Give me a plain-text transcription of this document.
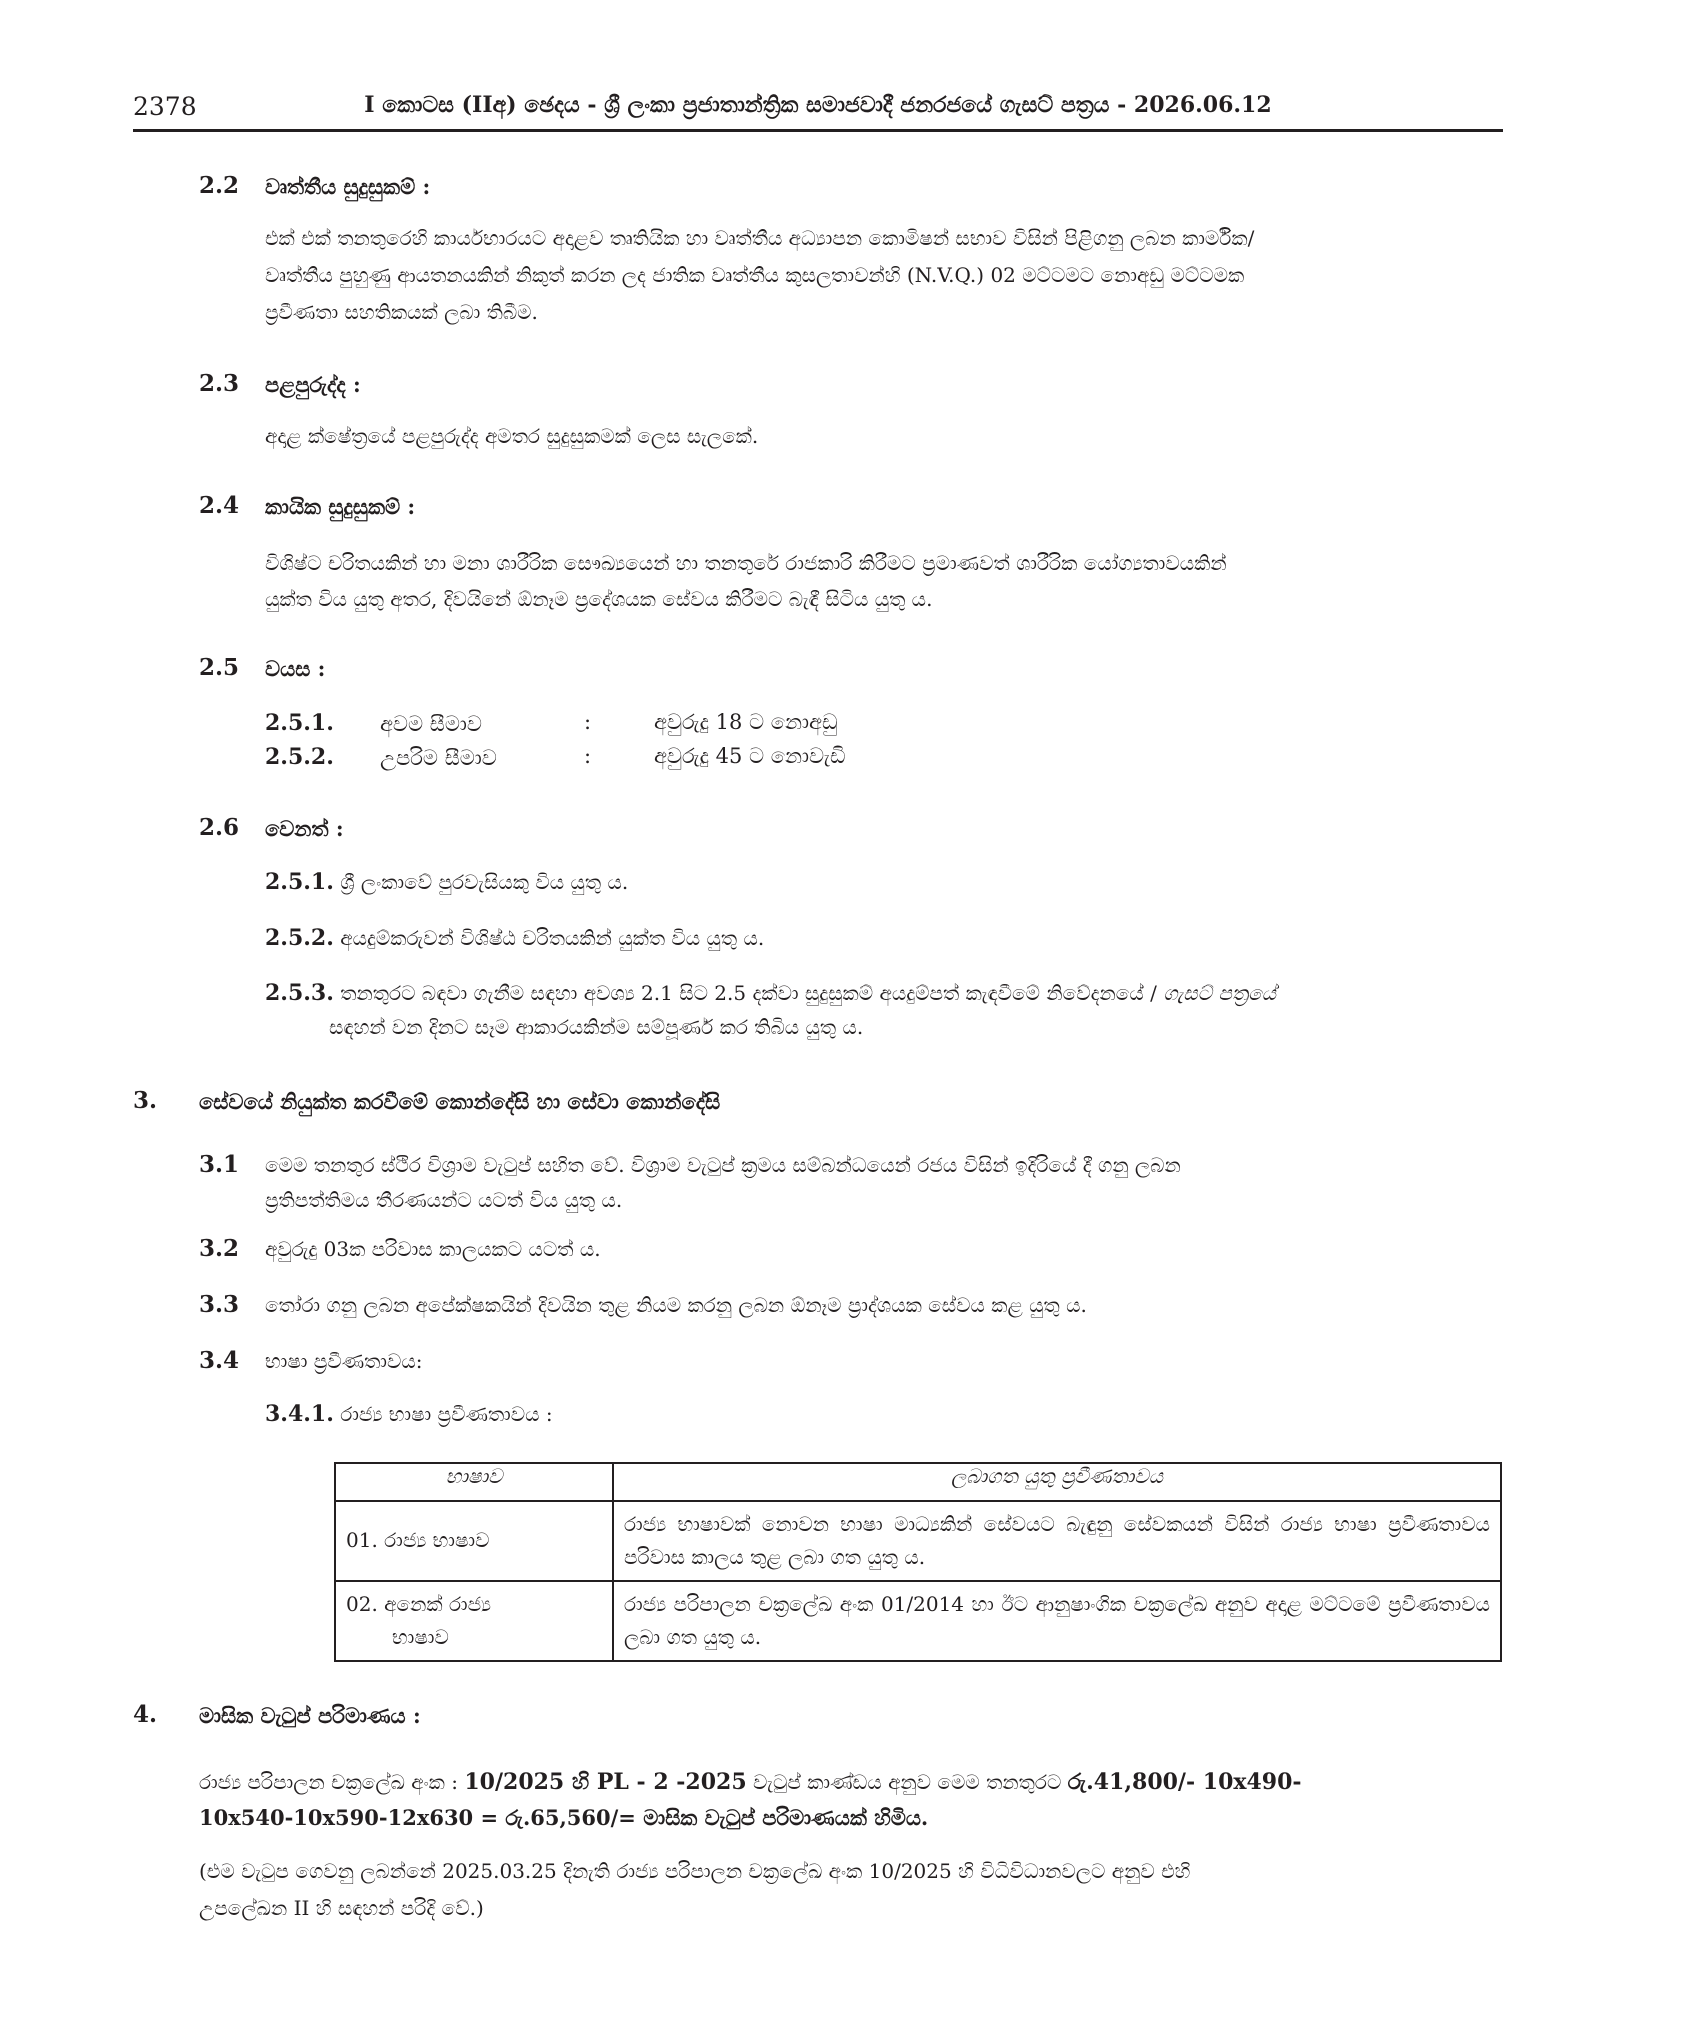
2378	I කොටස (IIඅ) ඡෙදය - ශ්‍රී ලංකා ප්‍රජාතාන්ත්‍රික සමාජවාදී ජනරජයේ ගැසට් පත්‍රය - 2026.06.12
2.2 වෘත්තීය සුදුසුකම් :
එක් එක් තනතුරෙහි කාර්යභාරයට අදාළව තෘතියික හා වෘත්තීය අධ්‍යාපන කොමිෂන් සභාව විසින් පිළිගනු ලබන කාර්මික/
වෘත්තීය පුහුණු ආයතනයකින් නිකුත් කරන ලද ජාතික වෘත්තීය කුසලතාවන්හි (N.V.Q.) 02 මට්ටමට නොඅඩු මට්ටමක
ප්‍රවීණතා සහතිකයක් ලබා තිබීම.
2.3 පළපුරුද්ද :
අදාළ ක්ෂේත්‍රයේ පළපුරුද්ද අමතර සුදුසුකමක් ලෙස සැලකේ.
2.4 කායික සුදුසුකම් :
විශිෂ්ට චරිතයකින් හා මනා ශාරීරික සෞඛ්‍යයෙන් හා තනතුරේ රාජකාරි කිරීමට ප්‍රමාණවත් ශාරීරික යෝග්‍යතාවයකින්
යුක්ත විය යුතු අතර, දිවයිනේ ඕනෑම ප්‍රදේශයක සේවය කිරීමට බැඳී සිටිය යුතු ය.
2.5 වයස :
2.5.1. අවම සීමාව	:	අවුරුදු 18 ට නොඅඩු
2.5.2. උපරිම සීමාව	:	අවුරුදු 45 ට නොවැඩි
2.6 වෙනත් :
2.5.1. ශ්‍රී ලංකාවේ පුරවැසියකු විය යුතු ය.
2.5.2. අයදුම්කරුවන් විශිෂ්ඨ චරිතයකින් යුක්ත විය යුතු ය.
2.5.3. තනතුරට බඳවා ගැනීම සඳහා අවශ්‍ය 2.1 සිට 2.5 දක්වා සුදුසුකම් අයදුම්පත් කැඳවීමේ නිවේදනයේ / ගැසට් පත්‍රයේ
සඳහන් වන දිනට සෑම ආකාරයකින්ම සම්පූර්ණ කර තිබිය යුතු ය.
3. සේවයේ නියුක්ත කරවීමේ කොන්දේසි හා සේවා කොන්දේසි
3.1 මෙම තනතුර ස්ථිර විශ්‍රාම වැටුප් සහිත වේ. විශ්‍රාම වැටුප් ක්‍රමය සම්බන්ධයෙන් රජය විසින් ඉදිරියේ දී ගනු ලබන
ප්‍රතිපත්තිමය තීරණයන්ට යටත් විය යුතු ය.
3.2 අවුරුදු 03ක පරිවාස කාලයකට යටත් ය.
3.3 තෝරා ගනු ලබන අපේක්ෂකයින් දිවයින තුළ නියම කරනු ලබන ඕනෑම ප්‍රාද්ශයක සේවය කළ යුතු ය.
3.4 භාෂා ප්‍රවීණතාවය:
3.4.1. රාජ්‍ය භාෂා ප්‍රවීණතාවය :
භාෂාව	ලබාගත යුතු ප්‍රවීණතාවය
01. රාජ්‍ය භාෂාව	රාජ්‍ය භාෂාවක් නොවන භාෂා මාධ්‍යකින් සේවයට බැඳුනු සේවකයන් විසින් රාජ්‍ය භාෂා ප්‍රවීණතාවය පරිවාස කාලය තුළ ලබා ගත යුතු ය.
02. අනෙක් රාජ්‍ය
භාෂාව	රාජ්‍ය පරිපාලන චක්‍රලේඛ අංක 01/2014 හා ඊට ආනුෂාංගික චක්‍රලේඛ අනුව අදාළ මට්ටමේ ප්‍රවීණතාවය ලබා ගත යුතු ය.
4. මාසික වැටුප් පරිමාණය :
රාජ්‍ය පරිපාලන චක්‍රලේඛ අංක : 10/2025 හි PL - 2 -2025 වැටුප් කාණ්ඩය අනුව මෙම තනතුරට රු.41,800/- 10x490-
10x540-10x590-12x630 = රු.65,560/= මාසික වැටුප් පරිමාණයක් හිමිය.
(එම වැටුප ගෙවනු ලබන්නේ 2025.03.25 දිනැති රාජ්‍ය පරිපාලන චක්‍රලේඛ අංක 10/2025 හි විධිවිධානවලට අනුව එහි
උපලේඛන II හි සඳහන් පරිදි වේ.)
